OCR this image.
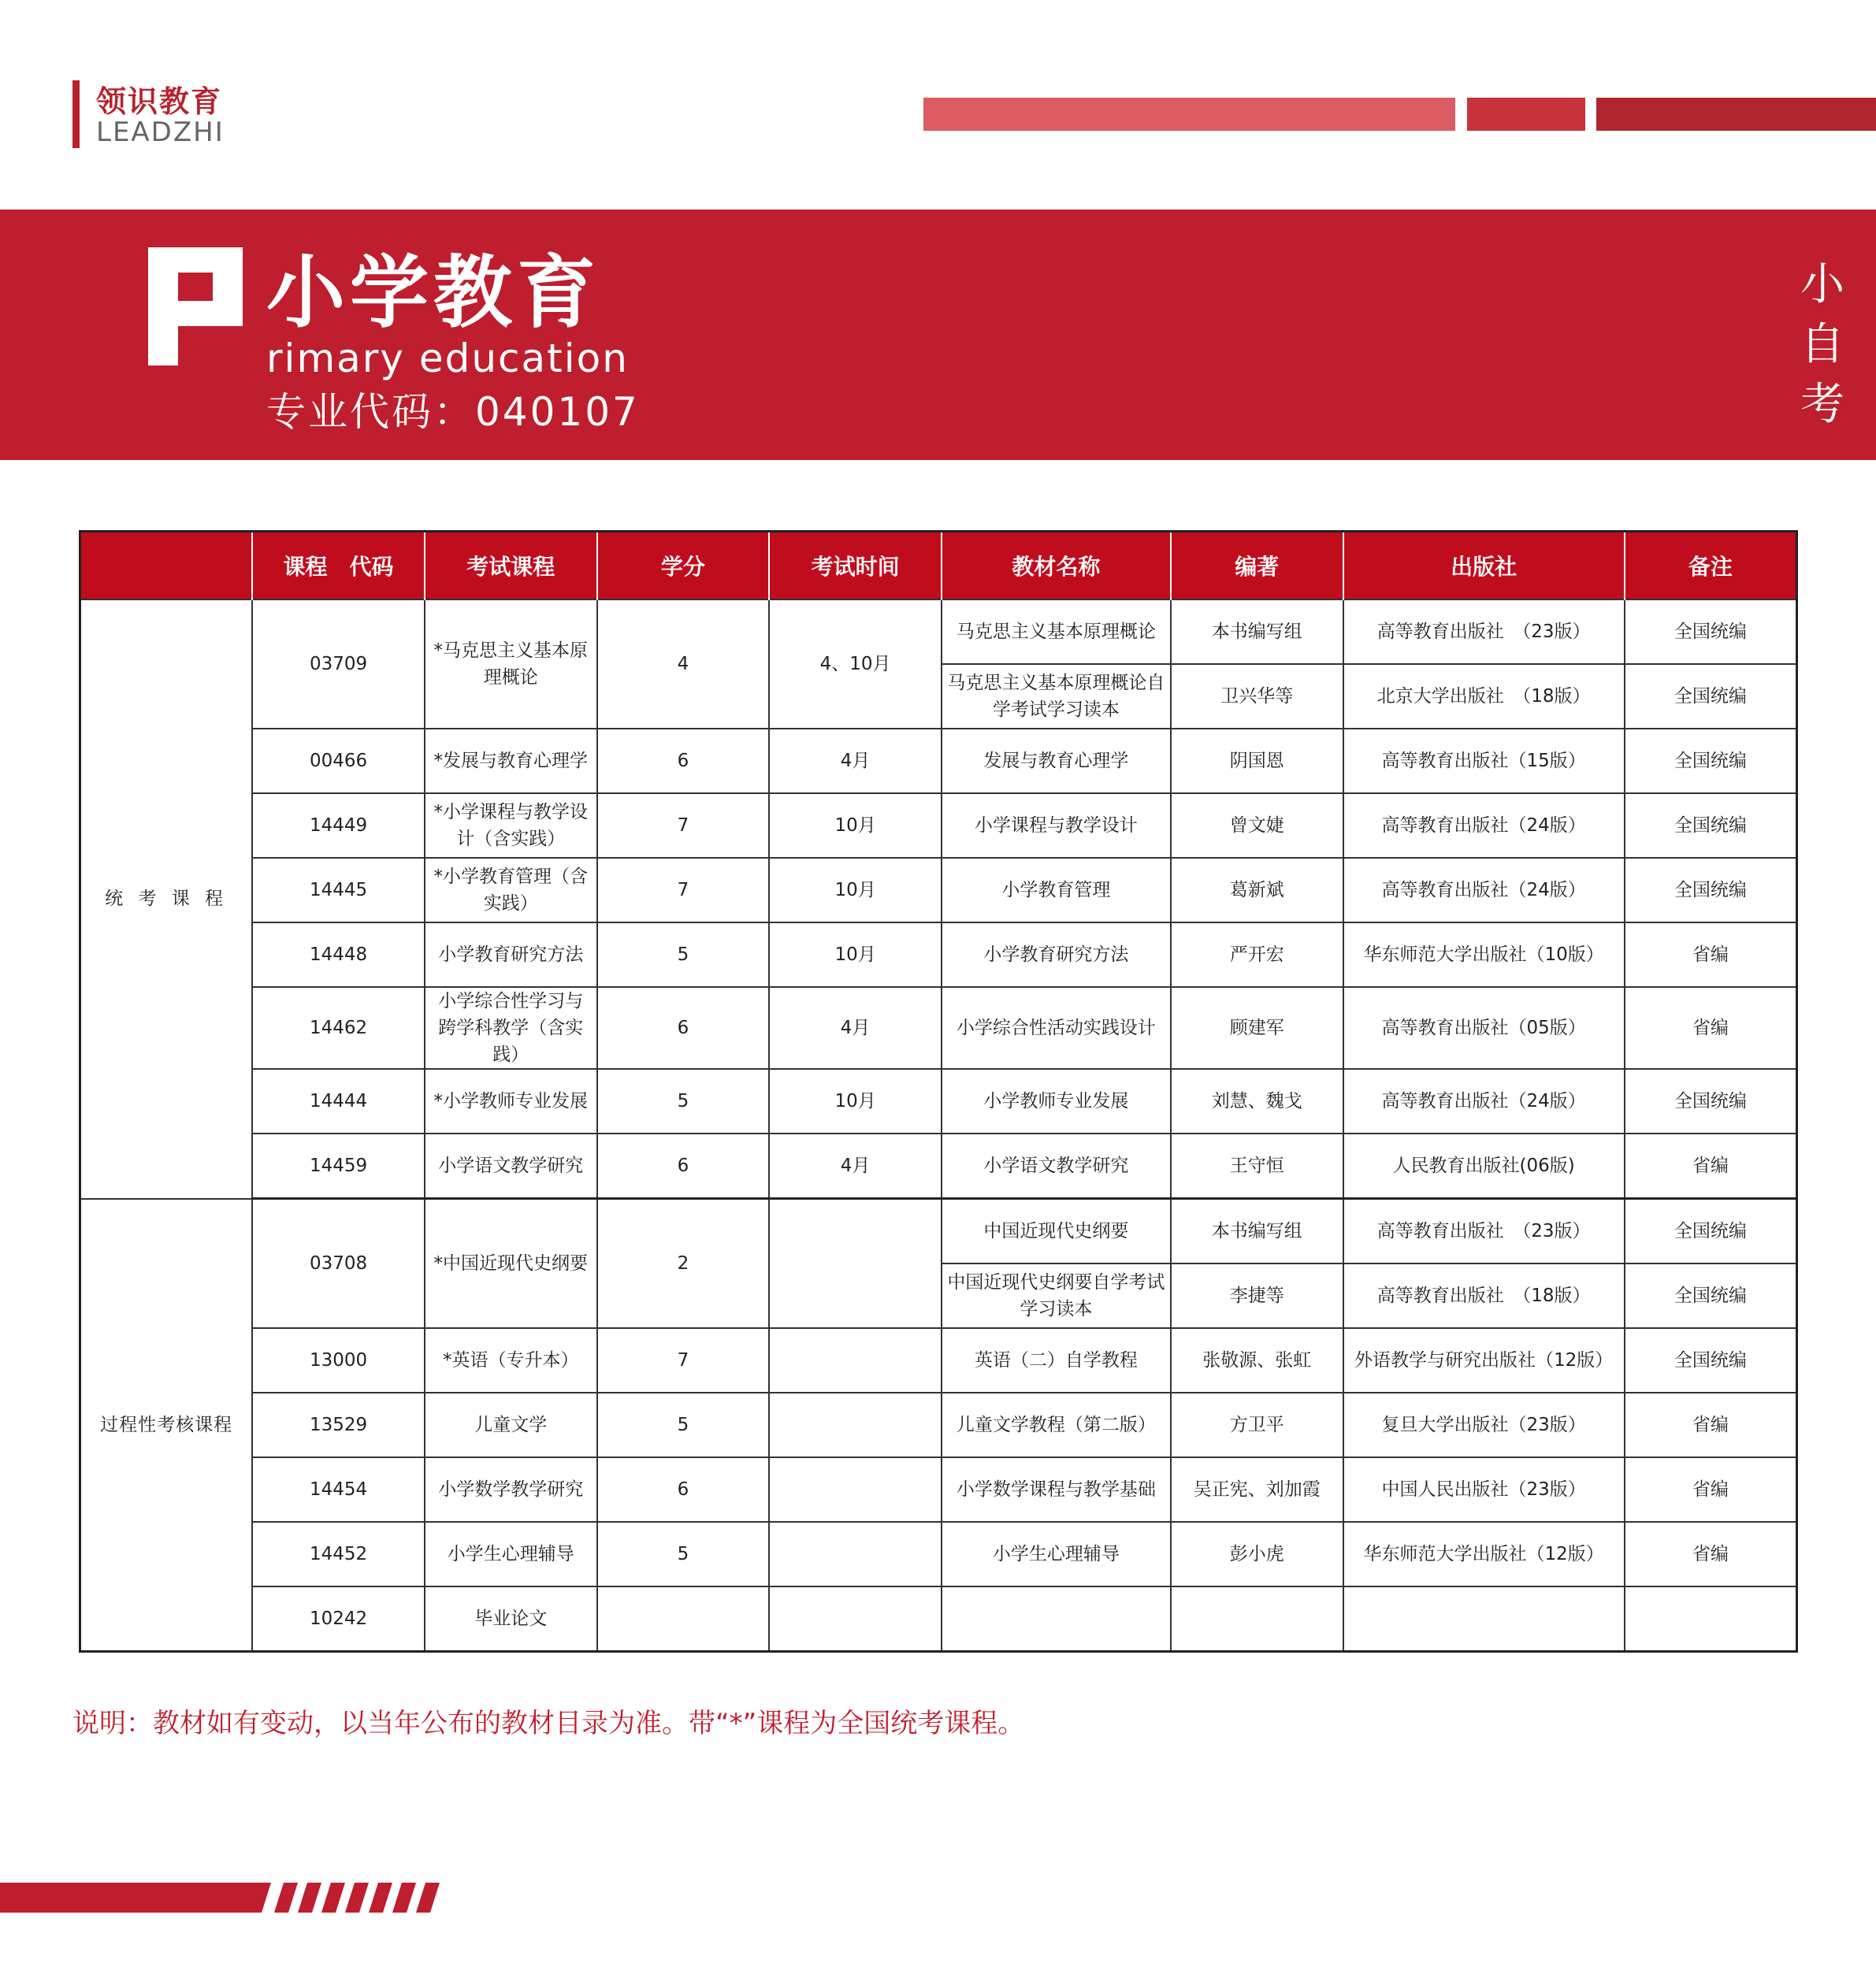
领识教育
LEADZHI
小学教育
rimary education
专业代码：040107
小
自
考
	课程　代码	考试课程	学分	考试时间	教材名称	编著	出版社	备注
统 考 课 程	03709	*马克思主义基本原理概论	4	4、10月	马克思主义基本原理概论	本书编写组	高等教育出版社　（23版）	全国统编
					马克思主义基本原理概论自学考试学习读本	卫兴华等	北京大学出版社　（18版）	全国统编
	00466	*发展与教育心理学	6	4月	发展与教育心理学	阴国恩	高等教育出版社（15版）	全国统编
	14449	*小学课程与教学设计（含实践）	7	10月	小学课程与教学设计	曾文婕	高等教育出版社（24版）	全国统编
	14445	*小学教育管理（含实践）	7	10月	小学教育管理	葛新斌	高等教育出版社（24版）	全国统编
	14448	小学教育研究方法	5	10月	小学教育研究方法	严开宏	华东师范大学出版社（10版）	省编
	14462	小学综合性学习与跨学科教学（含实践）	6	4月	小学综合性活动实践设计	顾建军	高等教育出版社（05版）	省编
	14444	*小学教师专业发展	5	10月	小学教师专业发展	刘慧、魏戈	高等教育出版社（24版）	全国统编
	14459	小学语文教学研究	6	4月	小学语文教学研究	王守恒	人民教育出版社(06版)	省编
过程性考核课程	03708	*中国近现代史纲要	2		中国近现代史纲要	本书编写组	高等教育出版社　（23版）	全国统编
					中国近现代史纲要自学考试学习读本	李捷等	高等教育出版社　（18版）	全国统编
	13000	*英语（专升本）	7		英语（二）自学教程	张敬源、张虹	外语教学与研究出版社（12版）	全国统编
	13529	儿童文学	5		儿童文学教程（第二版）	方卫平	复旦大学出版社（23版）	省编
	14454	小学数学教学研究	6		小学数学课程与教学基础	吴正宪、刘加霞	中国人民出版社（23版）	省编
	14452	小学生心理辅导	5		小学生心理辅导	彭小虎	华东师范大学出版社（12版）	省编
	10242	毕业论文						
说明：教材如有变动，以当年公布的教材目录为准。带“*”课程为全国统考课程。
